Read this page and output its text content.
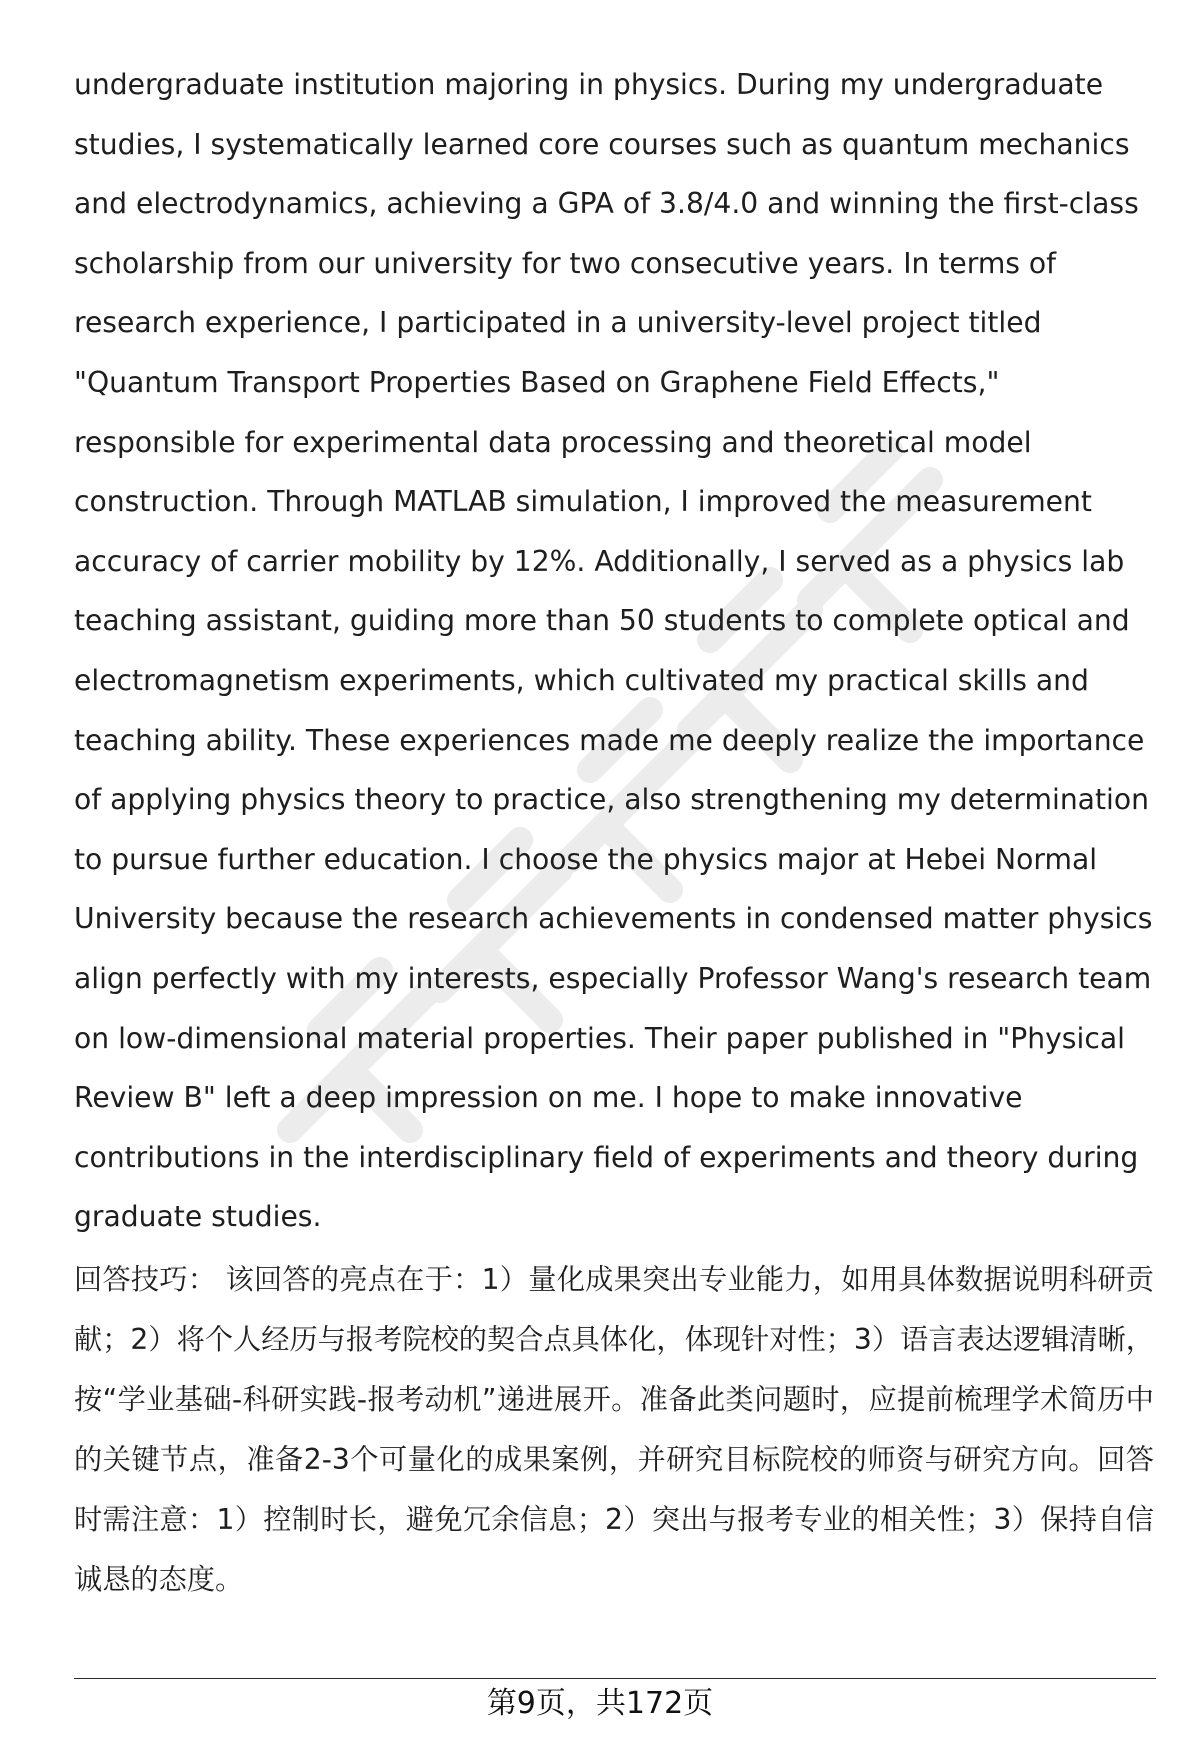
undergraduate institution majoring in physics. During my undergraduate studies, I systematically learned core courses such as quantum mechanics and electrodynamics, achieving a GPA of 3.8/4.0 and winning the first-class scholarship from our university for two consecutive years. In terms of research experience, I participated in a university-level project titled "Quantum Transport Properties Based on Graphene Field Effects," responsible for experimental data processing and theoretical model construction. Through MATLAB simulation, I improved the measurement accuracy of carrier mobility by 12%. Additionally, I served as a physics lab teaching assistant, guiding more than 50 students to complete optical and electromagnetism experiments, which cultivated my practical skills and teaching ability. These experiences made me deeply realize the importance of applying physics theory to practice, also strengthening my determination to pursue further education. I choose the physics major at Hebei Normal University because the research achievements in condensed matter physics align perfectly with my interests, especially Professor Wang's research team on low-dimensional material properties. Their paper published in "Physical Review B" left a deep impression on me. I hope to make innovative contributions in the interdisciplinary field of experiments and theory during graduate studies.

回答技巧： 该回答的亮点在于：1）量化成果突出专业能力，如用具体数据说明科研贡献；2）将个人经历与报考院校的契合点具体化，体现针对性；3）语言表达逻辑清晰，按“学业基础-科研实践-报考动机”递进展开。准备此类问题时，应提前梳理学术简历中的关键节点，准备2-3个可量化的成果案例，并研究目标院校的师资与研究方向。回答时需注意：1）控制时长，避免冗余信息；2）突出与报考专业的相关性；3）保持自信诚恳的态度。

第9页，共172页
